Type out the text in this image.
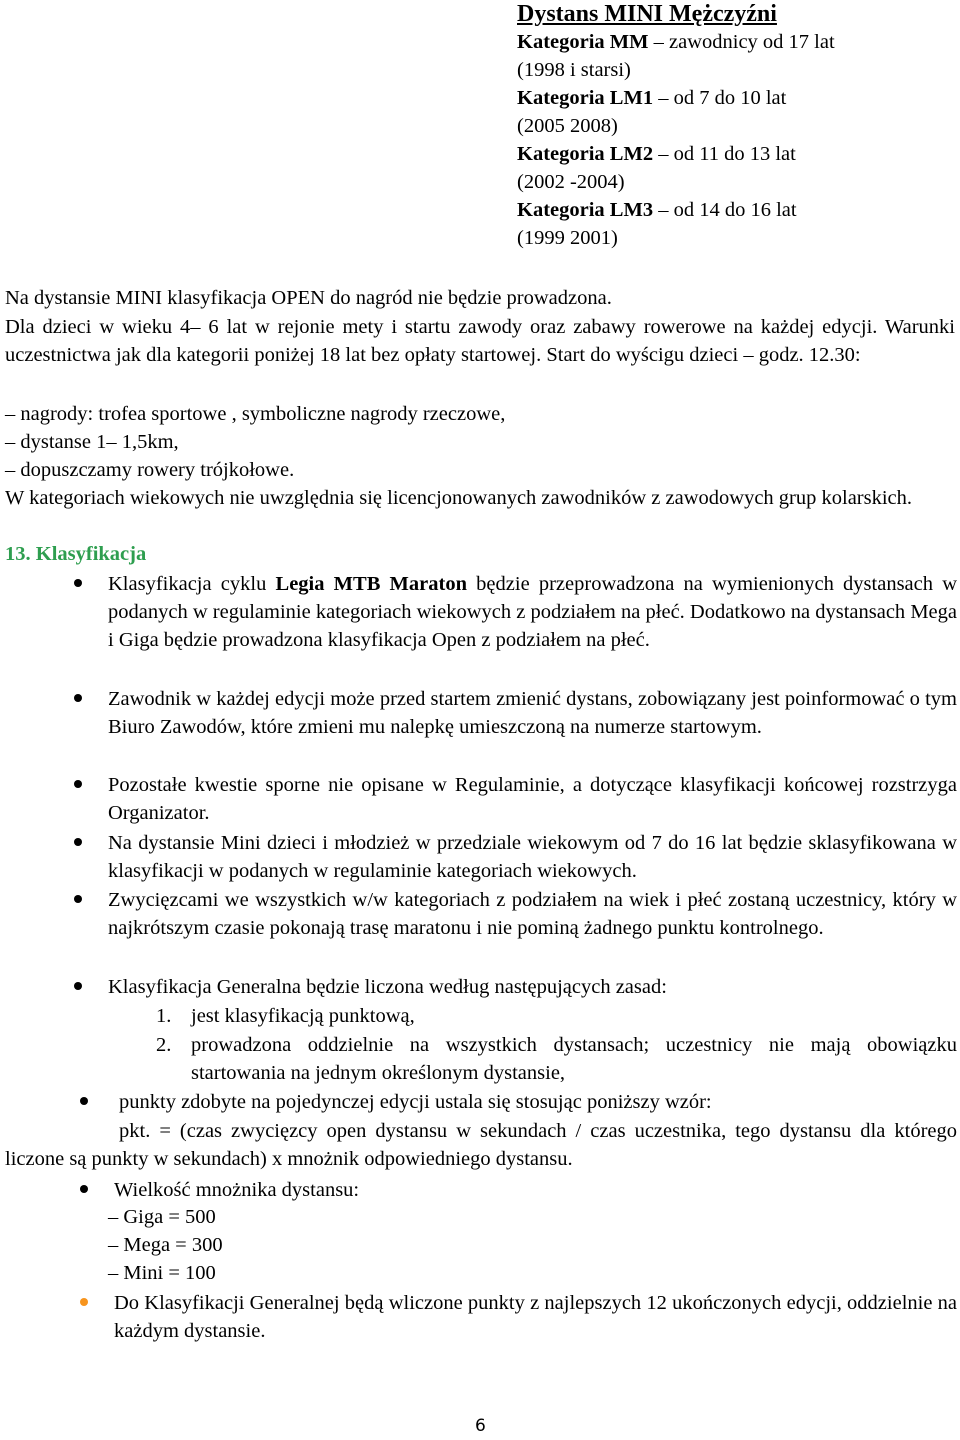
Dystans MINI Mężczyźni
Kategoria MM – zawodnicy od 17 lat
(1998 i starsi)
Kategoria LM1 – od 7 do 10 lat
(2005 2008)
Kategoria LM2 – od 11 do 13 lat
(2002 -2004)
Kategoria LM3 – od 14 do 16 lat
(1999 2001)
Na dystansie MINI klasyfikacja OPEN do nagród nie będzie prowadzona.
Dla dzieci w wieku 4– 6 lat w rejonie mety i startu zawody oraz zabawy rowerowe na każdej edycji. Warunki uczestnictwa jak dla kategorii poniżej 18 lat bez opłaty startowej. Start do wyścigu dzieci – godz. 12.30:
– nagrody: trofea sportowe , symboliczne nagrody rzeczowe,
– dystanse 1– 1,5km,
– dopuszczamy rowery trójkołowe.
W kategoriach wiekowych nie uwzględnia się licencjonowanych zawodników z zawodowych grup kolarskich.
13. Klasyfikacja
Klasyfikacja cyklu Legia MTB Maraton będzie przeprowadzona na wymienionych dystansach w podanych w regulaminie kategoriach wiekowych z podziałem na płeć. Dodatkowo na dystansach Mega i Giga będzie prowadzona klasyfikacja Open z podziałem na płeć.
Zawodnik w każdej edycji może przed startem zmienić dystans, zobowiązany jest poinformować o tym Biuro Zawodów, które zmieni mu nalepkę umieszczoną na numerze startowym.
Pozostałe kwestie sporne nie opisane w Regulaminie, a dotyczące klasyfikacji końcowej rozstrzyga Organizator.
Na dystansie Mini dzieci i młodzież w przedziale wiekowym od 7 do 16 lat będzie sklasyfikowana w klasyfikacji w podanych w regulaminie kategoriach wiekowych.
Zwycięzcami we wszystkich w/w kategoriach z podziałem na wiek i płeć zostaną uczestnicy, który w najkrótszym czasie pokonają trasę maratonu i nie pominą żadnego punktu kontrolnego.
Klasyfikacja Generalna będzie liczona według następujących zasad:
1. jest klasyfikacją punktową,
2. prowadzona oddzielnie na wszystkich dystansach; uczestnicy nie mają obowiązku startowania na jednym określonym dystansie,
punkty zdobyte na pojedynczej edycji ustala się stosując poniższy wzór:
pkt. = (czas zwycięzcy open dystansu w sekundach / czas uczestnika, tego dystansu dla którego liczone są punkty w sekundach) x mnożnik odpowiedniego dystansu.
Wielkość mnożnika dystansu:
– Giga = 500
– Mega = 300
– Mini = 100
Do Klasyfikacji Generalnej będą wliczone punkty z najlepszych 12 ukończonych edycji, oddzielnie na każdym dystansie.
6
